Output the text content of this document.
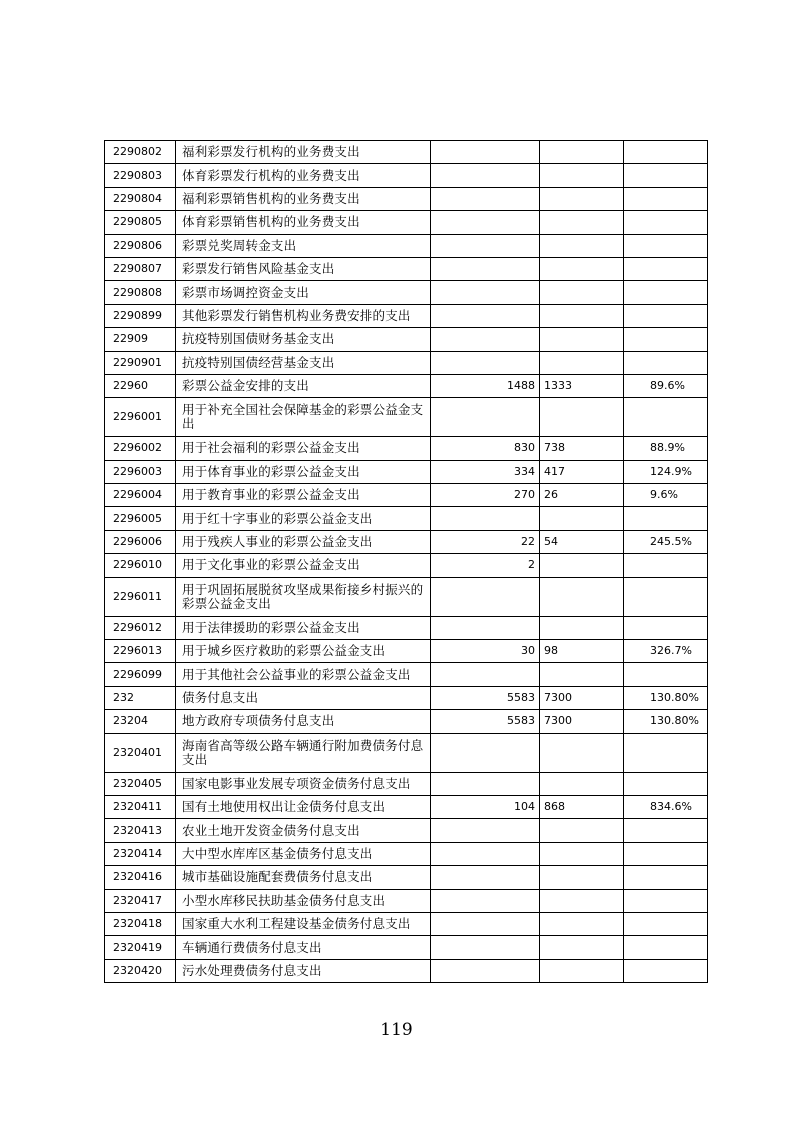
2290802	福利彩票发行机构的业务费支出			
2290803	体育彩票发行机构的业务费支出			
2290804	福利彩票销售机构的业务费支出			
2290805	体育彩票销售机构的业务费支出			
2290806	彩票兑奖周转金支出			
2290807	彩票发行销售风险基金支出			
2290808	彩票市场调控资金支出			
2290899	其他彩票发行销售机构业务费安排的支出			
22909	抗疫特别国债财务基金支出			
2290901	抗疫特别国债经营基金支出			
22960	彩票公益金安排的支出	1488	1333	89.6%
2296001	用于补充全国社会保障基金的彩票公益金支出			
2296002	用于社会福利的彩票公益金支出	830	738	88.9%
2296003	用于体育事业的彩票公益金支出	334	417	124.9%
2296004	用于教育事业的彩票公益金支出	270	26	9.6%
2296005	用于红十字事业的彩票公益金支出			
2296006	用于残疾人事业的彩票公益金支出	22	54	245.5%
2296010	用于文化事业的彩票公益金支出	2		
2296011	用于巩固拓展脱贫攻坚成果衔接乡村振兴的彩票公益金支出			
2296012	用于法律援助的彩票公益金支出			
2296013	用于城乡医疗救助的彩票公益金支出	30	98	326.7%
2296099	用于其他社会公益事业的彩票公益金支出			
232	债务付息支出	5583	7300	130.80%
23204	地方政府专项债务付息支出	5583	7300	130.80%
2320401	海南省高等级公路车辆通行附加费债务付息支出			
2320405	国家电影事业发展专项资金债务付息支出			
2320411	国有土地使用权出让金债务付息支出	104	868	834.6%
2320413	农业土地开发资金债务付息支出			
2320414	大中型水库库区基金债务付息支出			
2320416	城市基础设施配套费债务付息支出			
2320417	小型水库移民扶助基金债务付息支出			
2320418	国家重大水利工程建设基金债务付息支出			
2320419	车辆通行费债务付息支出			
2320420	污水处理费债务付息支出			
119
